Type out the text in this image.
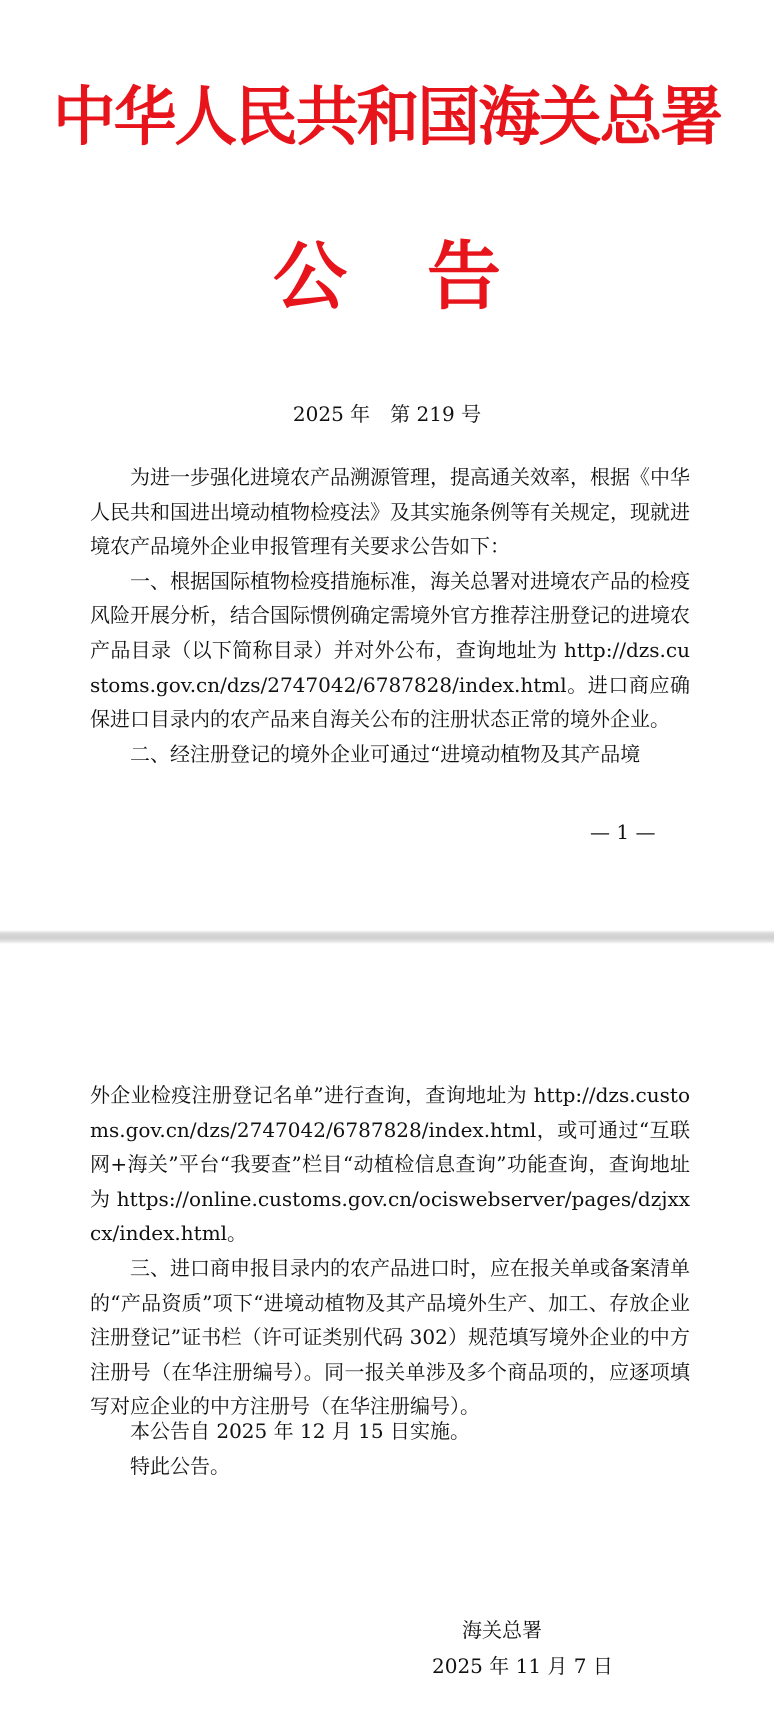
中华人民共和国海关总署
公告
2025 年　第 219 号

为进一步强化进境农产品溯源管理，提高通关效率，根据《中华人民共和国进出境动植物检疫法》及其实施条例等有关规定，现就进境农产品境外企业申报管理有关要求公告如下：

一、根据国际植物检疫措施标准，海关总署对进境农产品的检疫风险开展分析，结合国际惯例确定需境外官方推荐注册登记的进境农产品目录（以下简称目录）并对外公布，查询地址为 http://dzs.customs.gov.cn/dzs/2747042/6787828/index.html。进口商应确保进口目录内的农产品来自海关公布的注册状态正常的境外企业。

二、经注册登记的境外企业可通过“进境动植物及其产品境

— 1 —

外企业检疫注册登记名单”进行查询，查询地址为 http://dzs.customs.gov.cn/dzs/2747042/6787828/index.html，或可通过“互联网+海关”平台“我要查”栏目“动植检信息查询”功能查询，查询地址为 https://online.customs.gov.cn/ociswebserver/pages/dzjxxcx/index.html。

三、进口商申报目录内的农产品进口时，应在报关单或备案清单的“产品资质”项下“进境动植物及其产品境外生产、加工、存放企业注册登记”证书栏（许可证类别代码 302）规范填写境外企业的中方注册号（在华注册编号）。同一报关单涉及多个商品项的，应逐项填写对应企业的中方注册号（在华注册编号）。

本公告自 2025 年 12 月 15 日实施。
特此公告。
海关总署
2025 年 11 月 7 日
